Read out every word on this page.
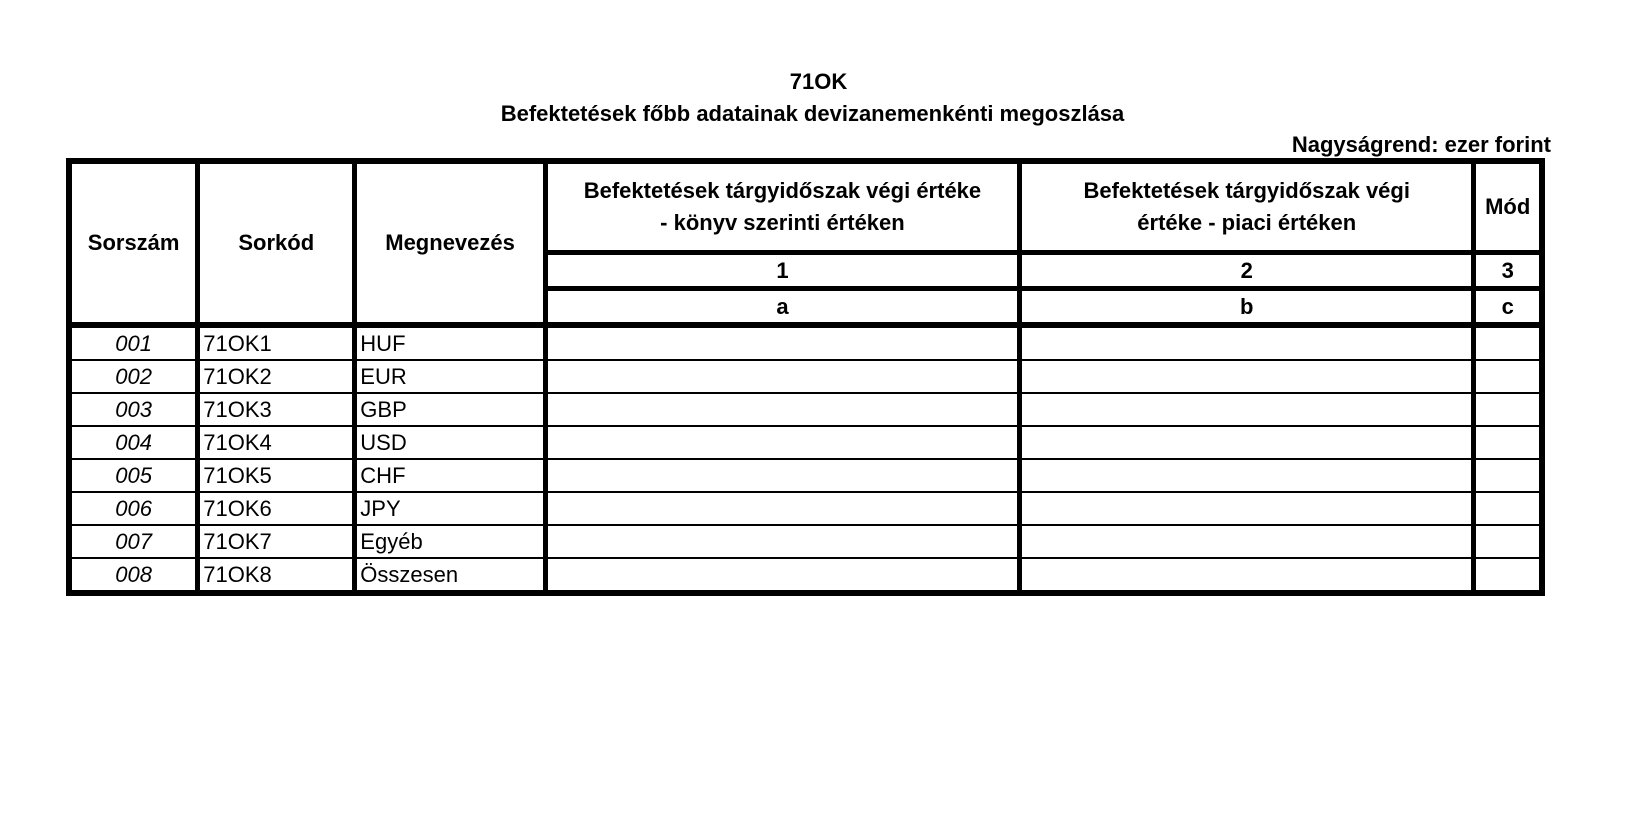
71OK
Befektetések főbb adatainak devizanemenkénti megoszlása
Nagyságrend: ezer forint
Sorszám	Sorkód	Megnevezés	Befektetések tárgyidőszak végi értéke - könyv szerinti értéken	Befektetések tárgyidőszak végi értéke - piaci értéken	Mód
			1	2	3
			a	b	c
001	71OK1	HUF			
002	71OK2	EUR			
003	71OK3	GBP			
004	71OK4	USD			
005	71OK5	CHF			
006	71OK6	JPY			
007	71OK7	Egyéb			
008	71OK8	Összesen			
